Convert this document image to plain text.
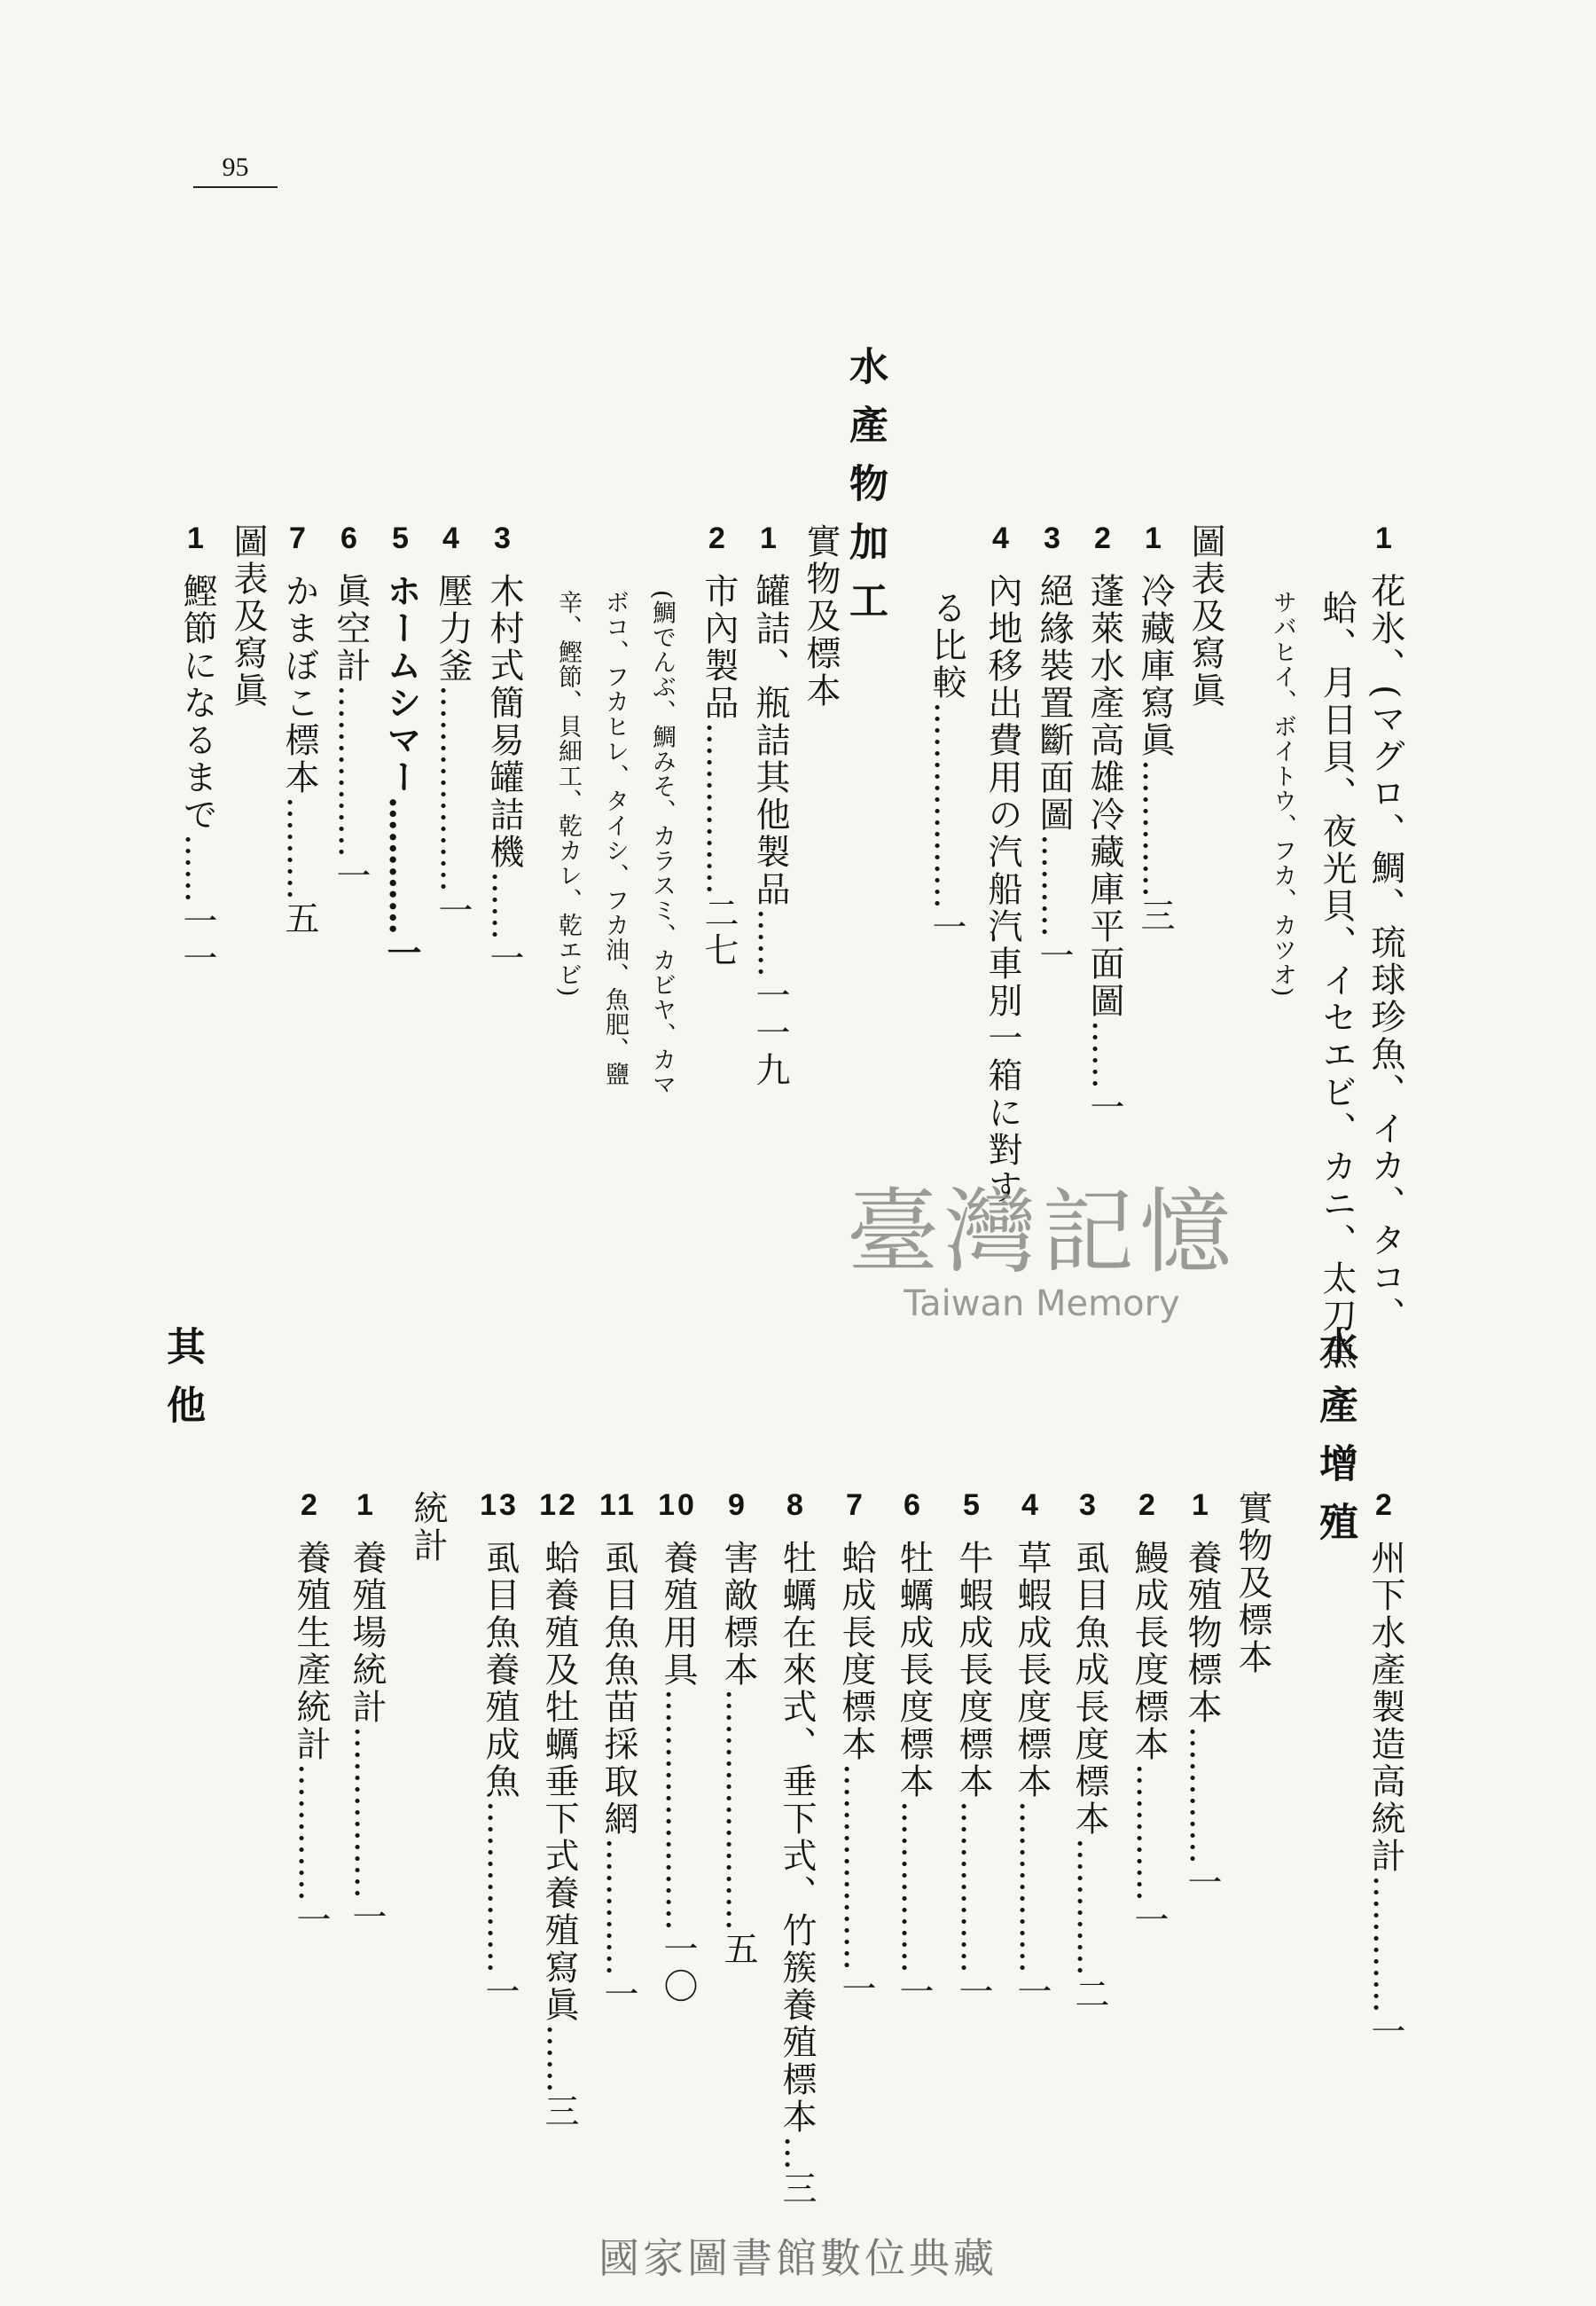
95
1花氷、(マグロ、鯛、琉球珍魚、イカ、タコ、
蛤、月日貝、夜光貝、イセエビ、カニ、太刀魚
サバヒイ、ボイトウ、フカ、カツオ)
圖表及寫眞
1冷藏庫寫眞…………三
2蓬萊水產高雄冷藏庫平面圖……一
3絕緣裝置斷面圖………一
4內地移出費用の汽船汽車別一箱に對す
る比較………………一
水產物加工
實物及標本
1罐詰、瓶詰其他製品……一一九
2市內製品……………二七
(鯛でんぶ、鯛みそ、カラスミ、カビヤ、カマ
ボコ、フカヒレ、タイシ、フカ油、魚肥、鹽
辛、鰹節、貝細工、乾カレ、乾エビ)
3木村式簡易罐詰機……一
4壓力釜………………一
5ホームシマー…………一
6眞空計……………一
7かまぼこ標本………五
圖表及寫眞
1鰹節になるまで……一一
水產增殖 2州下水產製造高統計…………一
實物及標本
1養殖物標本…………一
2鰻成長度標本…………一
3虱目魚成長度標本…………二
4草蝦成長度標本……………一
5牛蝦成長度標本……………一
6牡蠣成長度標本……………一
7蛤成長度標本………………一
8牡蠣在來式、垂下式、竹簇養殖標本…三
9害敵標本…………………五
10養殖用具…………………一〇
11虱目魚魚苗採取網…………一
12蛤養殖及牡蠣垂下式養殖寫眞……三
13虱目魚養殖成魚……………一
統計
1養殖場統計……………一
2養殖生產統計…………一
其他
臺灣記憶
Taiwan Memory
國家圖書館數位典藏
